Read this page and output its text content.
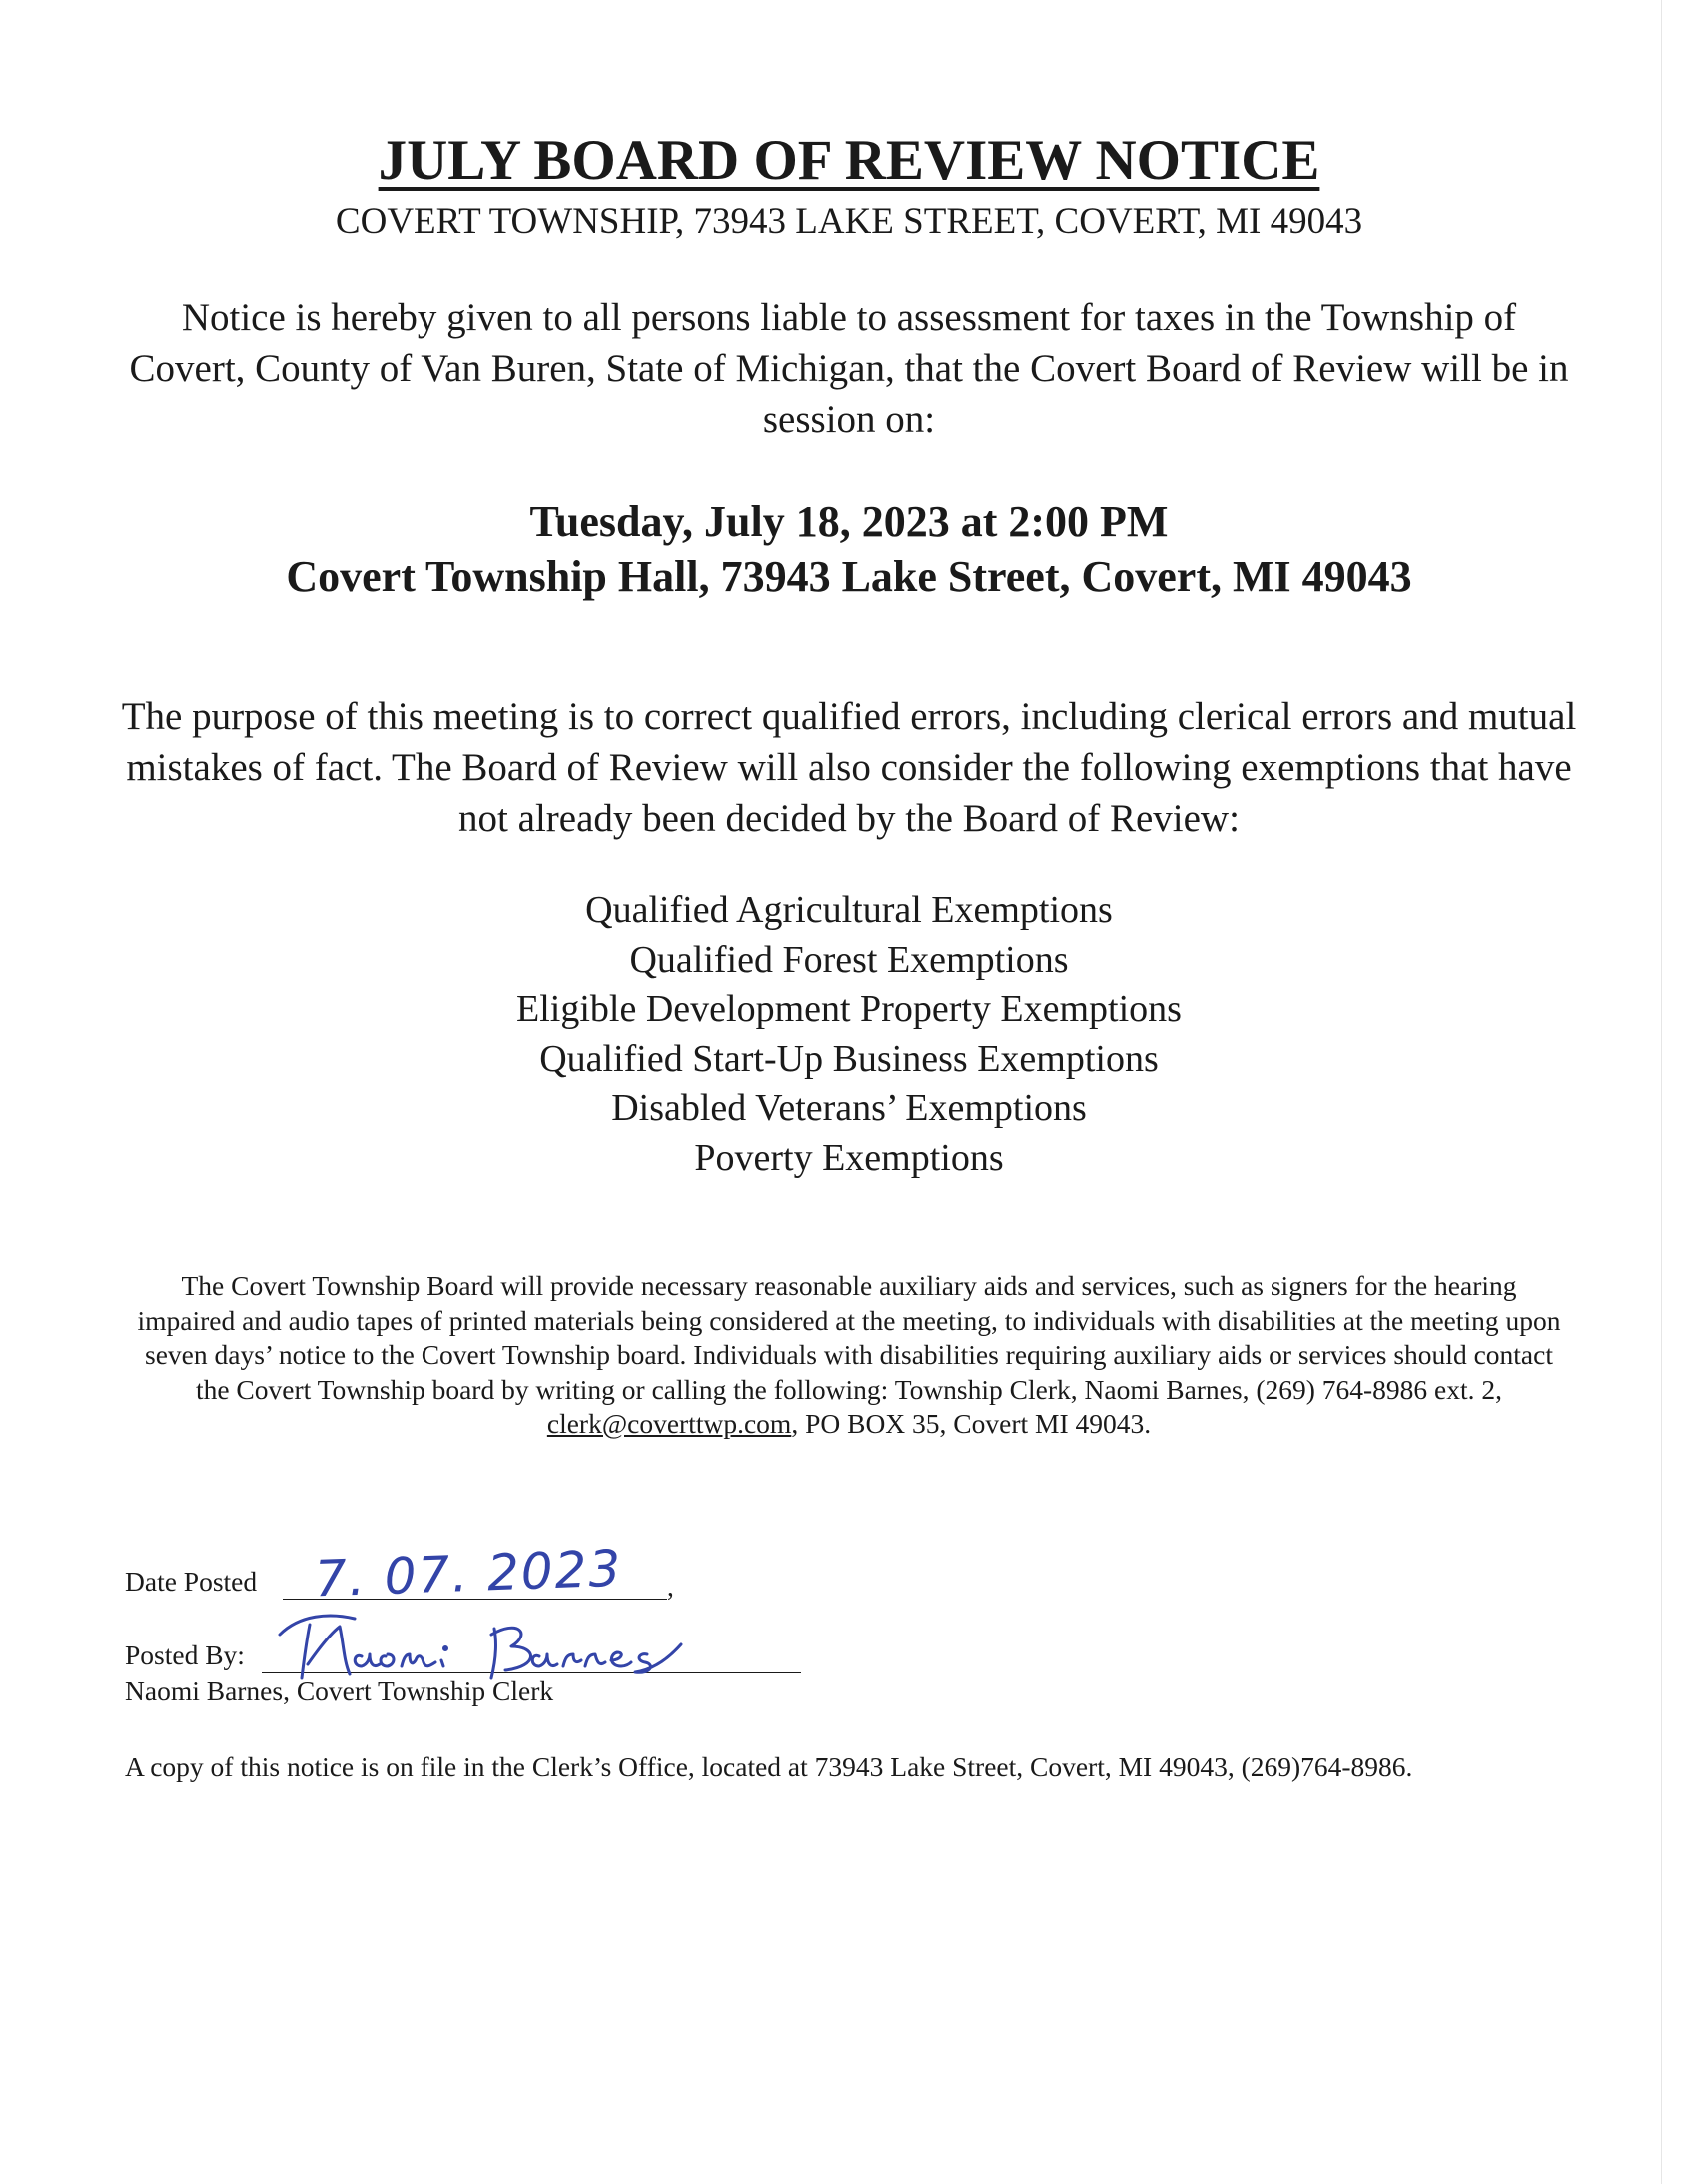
JULY BOARD OF REVIEW NOTICE
COVERT TOWNSHIP, 73943 LAKE STREET, COVERT, MI 49043
Notice is hereby given to all persons liable to assessment for taxes in the Township of Covert, County of Van Buren, State of Michigan, that the Covert Board of Review will be in session on:
Tuesday, July 18, 2023 at 2:00 PM
Covert Township Hall, 73943 Lake Street, Covert, MI 49043
The purpose of this meeting is to correct qualified errors, including clerical errors and mutual mistakes of fact. The Board of Review will also consider the following exemptions that have not already been decided by the Board of Review:
Qualified Agricultural Exemptions
Qualified Forest Exemptions
Eligible Development Property Exemptions
Qualified Start-Up Business Exemptions
Disabled Veterans’ Exemptions
Poverty Exemptions
The Covert Township Board will provide necessary reasonable auxiliary aids and services, such as signers for the hearing impaired and audio tapes of printed materials being considered at the meeting, to individuals with disabilities at the meeting upon seven days’ notice to the Covert Township board. Individuals with disabilities requiring auxiliary aids or services should contact the Covert Township board by writing or calling the following: Township Clerk, Naomi Barnes, (269) 764-8986 ext. 2, clerk@coverttwp.com, PO BOX 35, Covert MI 49043.
Date Posted	,
7. 07. 2023
Posted By:
Naomi Barnes, Covert Township Clerk
A copy of this notice is on file in the Clerk’s Office, located at 73943 Lake Street, Covert, MI 49043, (269)764-8986.
